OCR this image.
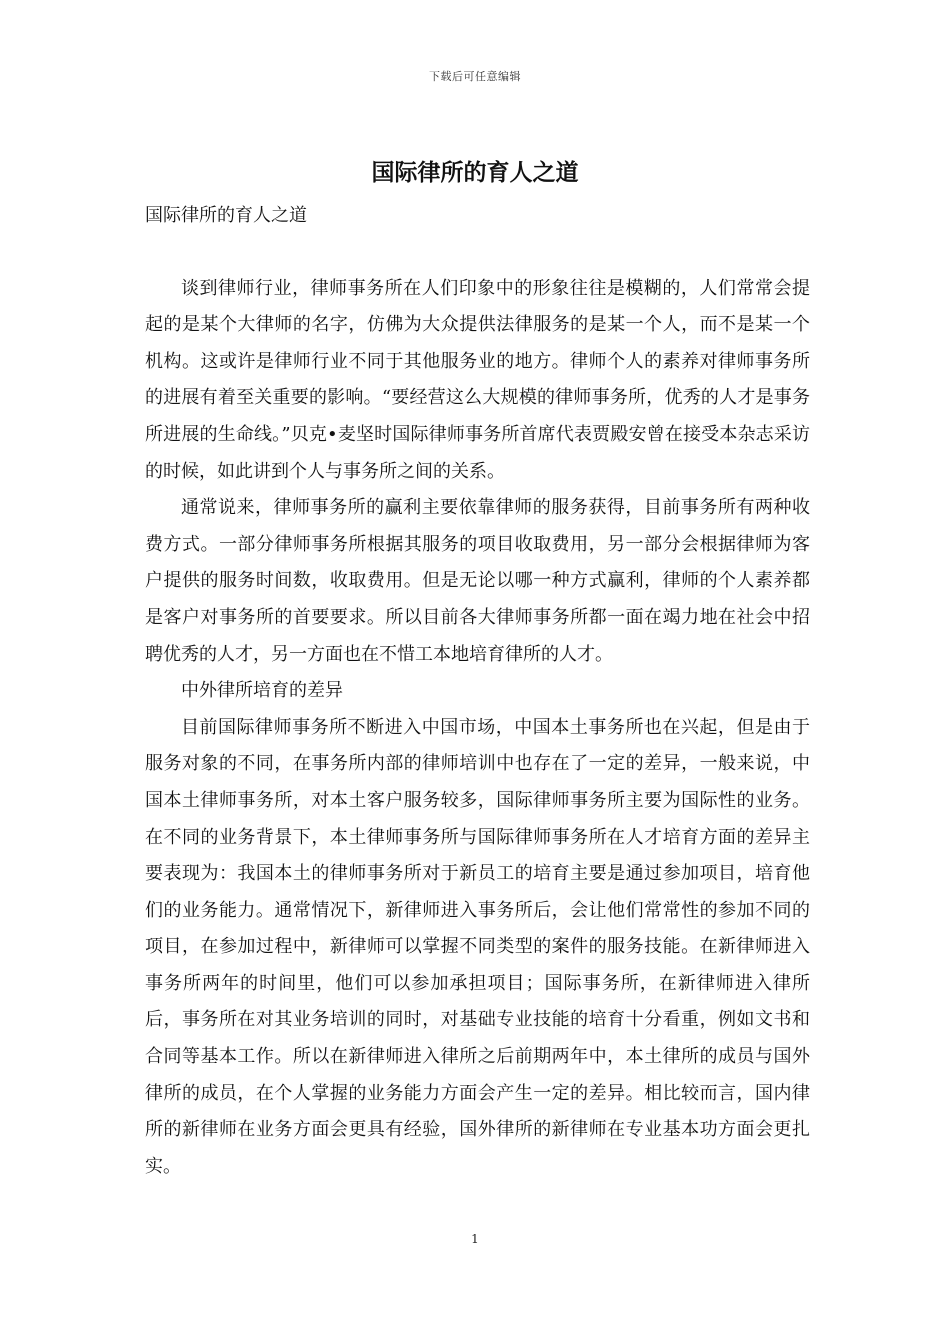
下载后可任意编辑
国际律所的育人之道

国际律所的育人之道

谈到律师行业，律师事务所在人们印象中的形象往往是模糊的，人们常常会提起的是某个大律师的名字，仿佛为大众提供法律服务的是某一个人，而不是某一个机构。这或许是律师行业不同于其他服务业的地方。律师个人的素养对律师事务所的进展有着至关重要的影响。“要经营这么大规模的律师事务所，优秀的人才是事务所进展的生命线。”贝克•麦坚时国际律师事务所首席代表贾殿安曾在接受本杂志采访的时候，如此讲到个人与事务所之间的关系。

通常说来，律师事务所的赢利主要依靠律师的服务获得，目前事务所有两种收费方式。一部分律师事务所根据其服务的项目收取费用，另一部分会根据律师为客户提供的服务时间数，收取费用。但是无论以哪一种方式赢利，律师的个人素养都是客户对事务所的首要要求。所以目前各大律师事务所都一面在竭力地在社会中招聘优秀的人才，另一方面也在不惜工本地培育律所的人才。

中外律所培育的差异

目前国际律师事务所不断进入中国市场，中国本土事务所也在兴起，但是由于服务对象的不同，在事务所内部的律师培训中也存在了一定的差异，一般来说，中国本土律师事务所，对本土客户服务较多，国际律师事务所主要为国际性的业务。在不同的业务背景下，本土律师事务所与国际律师事务所在人才培育方面的差异主要表现为：我国本土的律师事务所对于新员工的培育主要是通过参加项目，培育他们的业务能力。通常情况下，新律师进入事务所后，会让他们常常性的参加不同的项目，在参加过程中，新律师可以掌握不同类型的案件的服务技能。在新律师进入事务所两年的时间里，他们可以参加承担项目；国际事务所，在新律师进入律所后，事务所在对其业务培训的同时，对基础专业技能的培育十分看重，例如文书和合同等基本工作。所以在新律师进入律所之后前期两年中，本土律所的成员与国外律所的成员，在个人掌握的业务能力方面会产生一定的差异。相比较而言，国内律所的新律师在业务方面会更具有经验，国外律所的新律师在专业基本功方面会更扎实。

1
